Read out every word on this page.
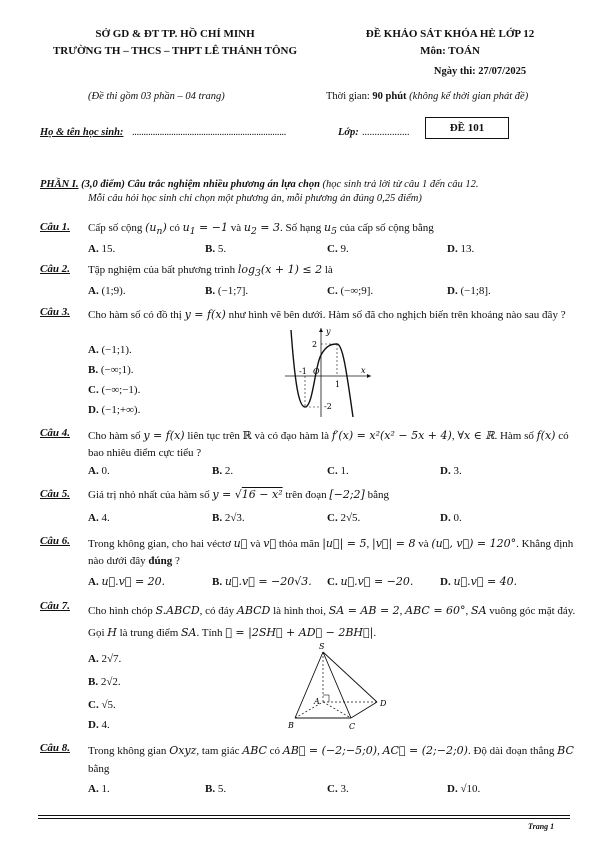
SỞ GD & ĐT TP. HỒ CHÍ MINH
TRƯỜNG TH – THCS – THPT LÊ THÁNH TÔNG
ĐỀ KHẢO SÁT KHÓA HÈ LỚP 12
Môn: TOÁN
Ngày thi: 27/07/2025
(Đề thi gồm 03 phần – 04 trang)	Thời gian: 90 phút (không kể thời gian phát đề)
Họ & tên học sinh: ...................................................................	Lớp: ...................	ĐỀ 101
PHẦN I. (3,0 điểm) Câu trắc nghiệm nhiều phương án lựa chọn (học sinh trả lời từ câu 1 đến câu 12.
Mỗi câu hỏi học sinh chỉ chọn một phương án, mỗi phương án đúng 0,25 điểm)
Câu 1. Cấp số cộng $(u_n)$ có $u_1 = -1$ và $u_2 = 3$. Số hạng $u_5$ của cấp số cộng bằng
A. 15.	B. 5.	C. 9.	D. 13.
Câu 2. Tập nghiệm của bất phương trình $\log_3(x + 1) \le 2$ là
A. (1;9).	B. (−1;7].	C. (−∞;9].	D. (−1;8].
Câu 3. Cho hàm số có đồ thị y = f(x) như hình vẽ bên dưới. Hàm số đã cho nghịch biến trên khoảng nào sau đây ?
A. (−1;1).
B. (−∞;1).
C. (−∞;−1).
D. (−1;+∞).
y
x
2
-1 O
1
-2
Câu 4. Cho hàm số y = f(x) liên tục trên ℝ và có đạo hàm là f′(x) = x²(x² − 5x + 4), ∀x ∈ ℝ. Hàm số f(x) có bao nhiêu điểm cực tiểu ?
A. 0.	B. 2.	C. 1.	D. 3.
Câu 5. Giá trị nhỏ nhất của hàm số y = √16 − x² trên đoạn [−2;2] bằng
A. 4.	B. 2√3.	C. 2√5.	D. 0.
Câu 6. Trong không gian, cho hai véctơ u⃗ và v⃗ thỏa mãn |u⃗| = 5, |v⃗| = 8 và (u⃗, v⃗) = 120°. Khẳng định nào dưới đây đúng ?
A. u⃗.v⃗ = 20.	B. u⃗.v⃗ = −20√3. C. u⃗.v⃗ = −20. D. u⃗.v⃗ = 40.
Câu 7. Cho hình chóp S.ABCD, có đáy ABCD là hình thoi, SA = AB = 2, ABC = 60°, SA vuông góc mặt đáy. Gọi H là trung điểm SA. Tính 𝒟 = |2SH⃗ + AD⃗ − 2BH⃗|.
A. 2√7.
B. 2√2.
C. √5.
D. 4.
S
A
B	C
D
Câu 8. Trong không gian Oxyz, tam giác ABC có AB⃗ = (−2;−5;0), AC⃗ = (2;−2;0). Độ dài đoạn thẳng BC bằng
A. 1.	B. 5.	C. 3.	D. √10.
Trang 1
